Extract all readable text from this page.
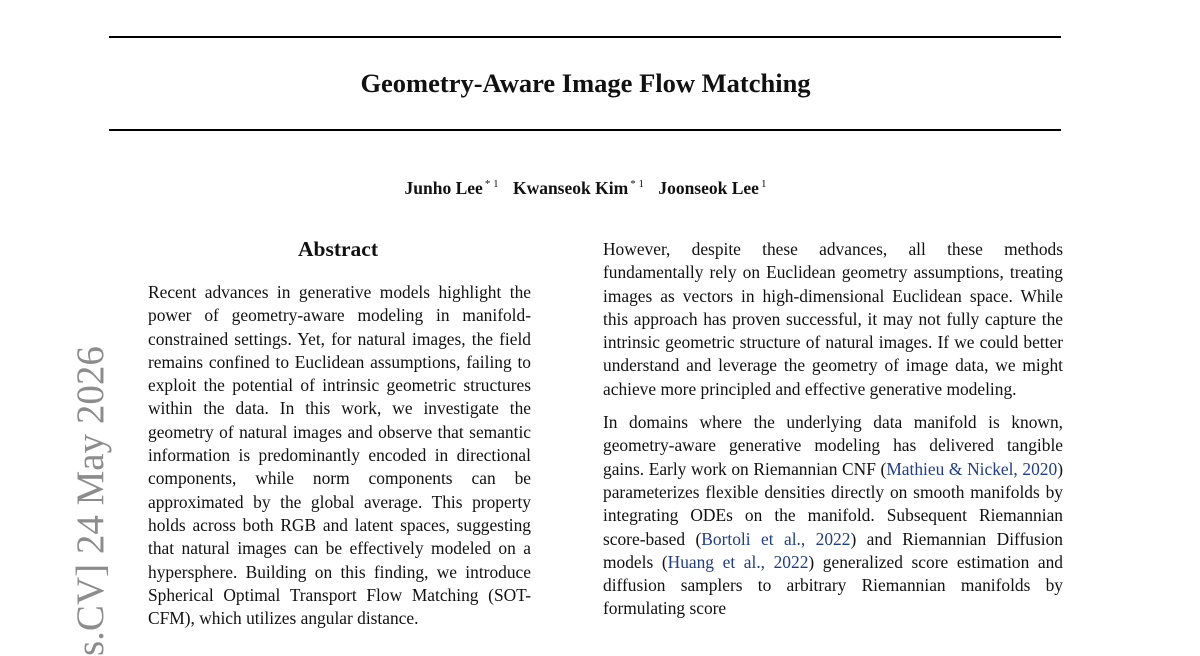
Geometry-Aware Image Flow Matching
Junho Lee $^{* 1}$ Kwanseok Kim $^{* 1}$ Joonseok Lee $^1$
Abstract

Recent advances in generative models highlight the power of geometry-aware modeling in manifold-constrained settings. Yet, for natural images, the field remains confined to Euclidean assumptions, failing to exploit the potential of intrinsic geometric structures within the data. In this work, we investigate the geometry of natural images and observe that semantic information is predominantly encoded in directional components, while norm components can be approximated by the global average. This property holds across both RGB and latent spaces, suggesting that natural images can be effectively modeled on a hypersphere. Building on this finding, we introduce Spherical Optimal Transport Flow Matching (SOT-CFM), which utilizes angular distance.

However, despite these advances, all these methods fundamentally rely on Euclidean geometry assumptions, treating images as vectors in high-dimensional Euclidean space. While this approach has proven successful, it may not fully capture the intrinsic geometric structure of natural images. If we could better understand and leverage the geometry of image data, we might achieve more principled and effective generative modeling.

In domains where the underlying data manifold is known, geometry-aware generative modeling has delivered tangible gains. Early work on Riemannian CNF (Mathieu & Nickel, 2020) parameterizes flexible densities directly on smooth manifolds by integrating ODEs on the manifold. Subsequent Riemannian score-based (Bortoli et al., 2022) and Riemannian Diffusion models (Huang et al., 2022) generalized score estimation and diffusion samplers to arbitrary Riemannian manifolds by formulating score

s.CV] 24 May 2026
